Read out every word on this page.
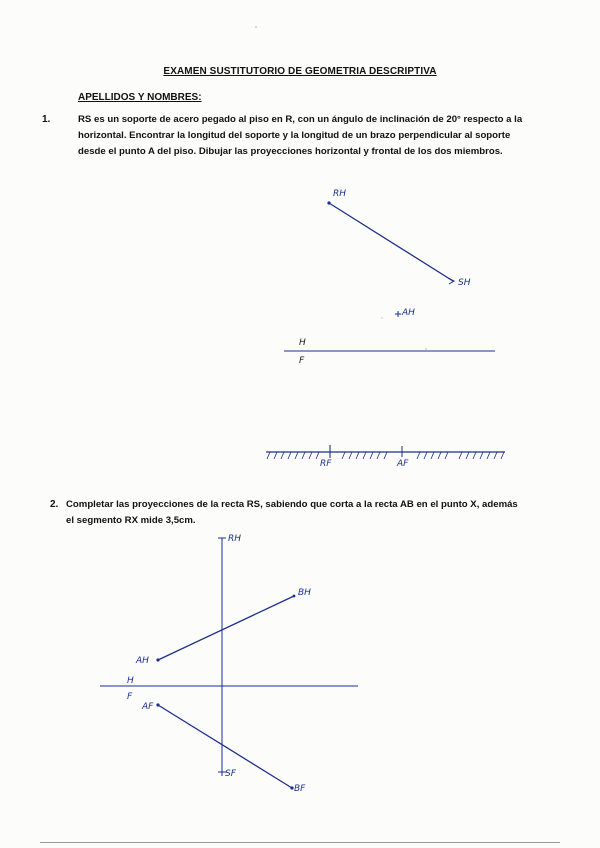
EXAMEN SUSTITUTORIO DE GEOMETRIA DESCRIPTIVA
APELLIDOS Y NOMBRES:
1.	RS es un soporte de acero pegado al piso en R, con un ángulo de inclinación de 20° respecto a la
horizontal. Encontrar la longitud del soporte y la longitud de un brazo perpendicular al soporte
desde el punto A del piso. Dibujar las proyecciones horizontal y frontal de los dos miembros.
2. Completar las proyecciones de la recta RS, sabiendo que corta a la recta AB en el punto X, además
el segmento RX mide 3,5cm.
RH
SH
AH
H
F
RF	AF
RH
BH
AH
H
F
AF
BF
SF
